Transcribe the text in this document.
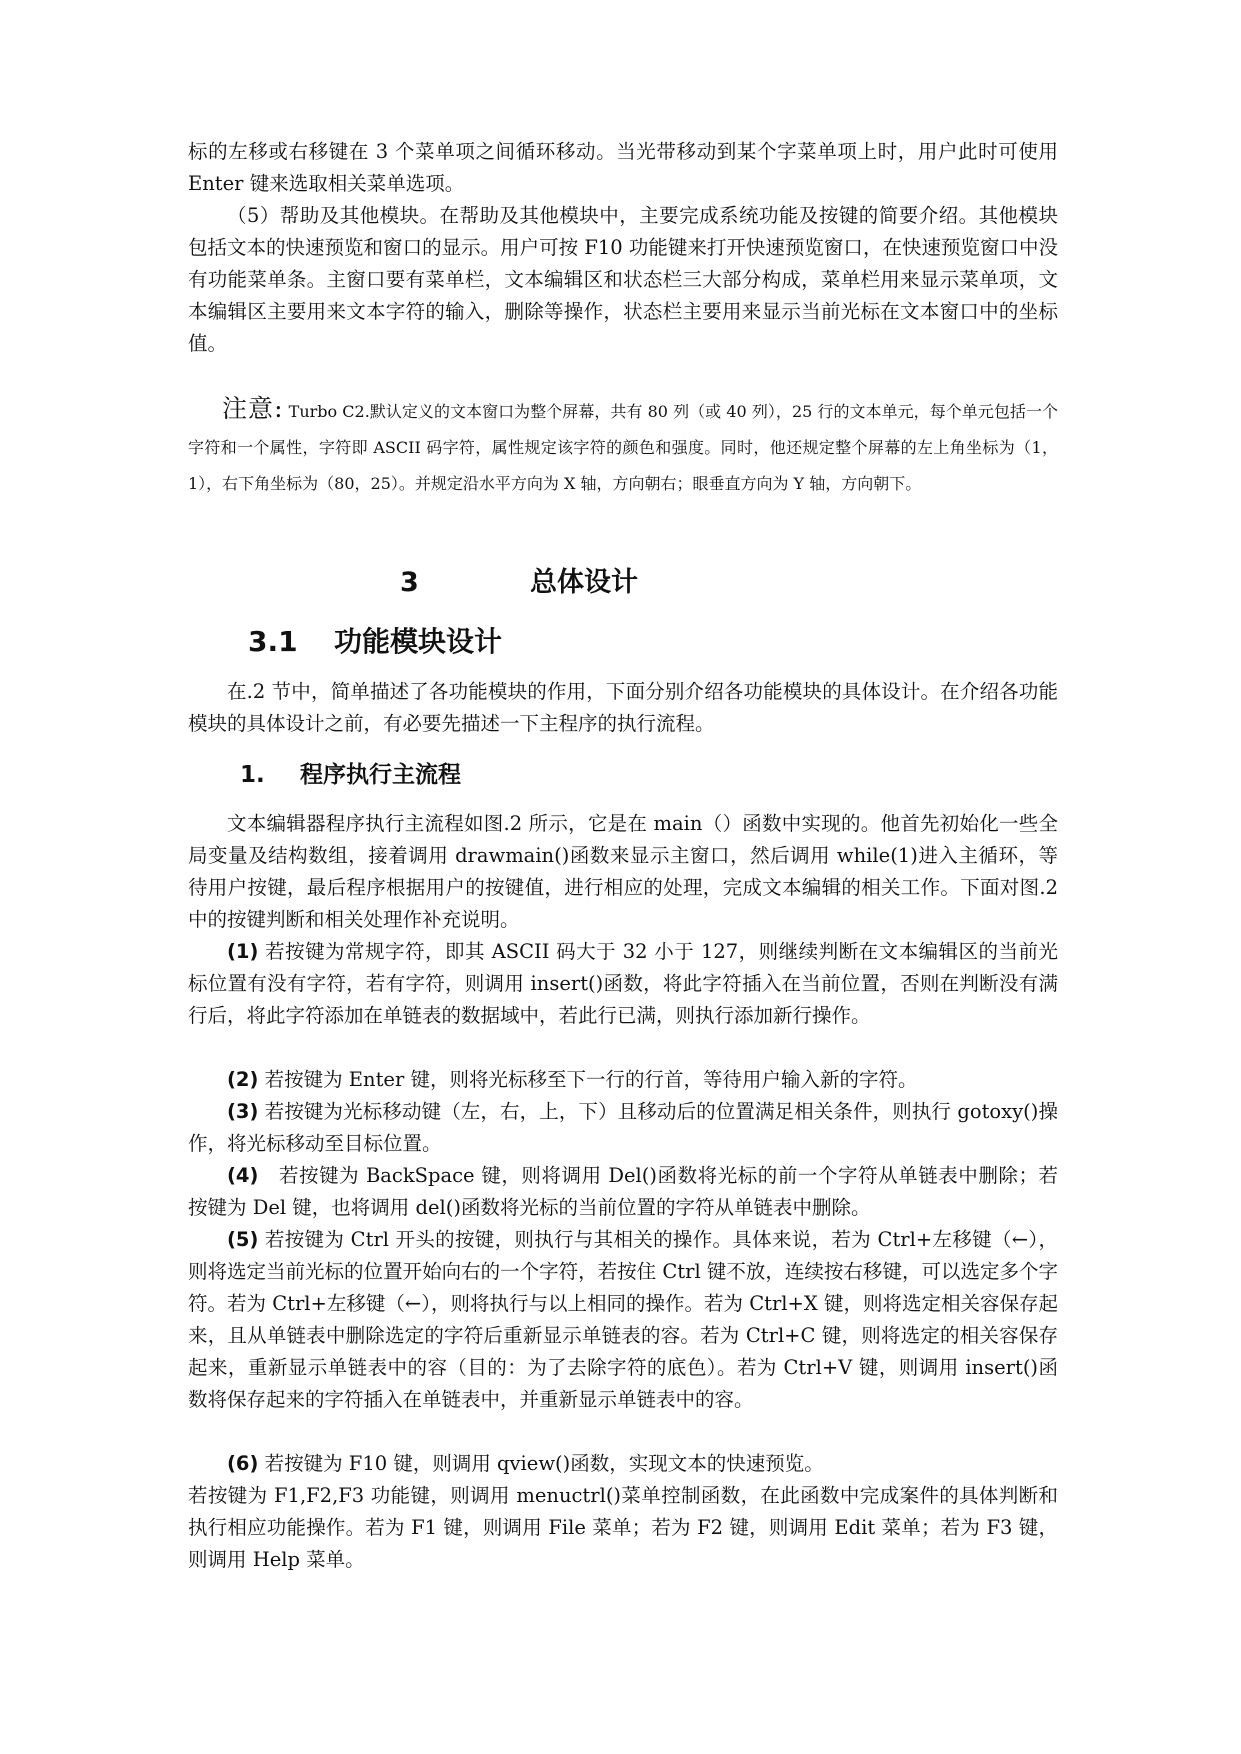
标的左移或右移键在 3 个菜单项之间循环移动。当光带移动到某个字菜单项上时，用户此时可使用 Enter 键来选取相关菜单选项。

（5）帮助及其他模块。在帮助及其他模块中，主要完成系统功能及按键的简要介绍。其他模块包括文本的快速预览和窗口的显示。用户可按 F10 功能键来打开快速预览窗口，在快速预览窗口中没有功能菜单条。主窗口要有菜单栏，文本编辑区和状态栏三大部分构成，菜单栏用来显示菜单项，文本编辑区主要用来文本字符的输入，删除等操作，状态栏主要用来显示当前光标在文本窗口中的坐标值。

注意: Turbo C2.默认定义的文本窗口为整个屏幕，共有 80 列（或 40 列），25 行的文本单元，每个单元包括一个字符和一个属性，字符即 ASCII 码字符，属性规定该字符的颜色和强度。同时，他还规定整个屏幕的左上角坐标为（1，1），右下角坐标为（80，25）。并规定沿水平方向为 X 轴，方向朝右；眼垂直方向为 Y 轴，方向朝下。

3	总体设计
3.1 功能模块设计

在.2 节中，简单描述了各功能模块的作用，下面分别介绍各功能模块的具体设计。在介绍各功能模块的具体设计之前，有必要先描述一下主程序的执行流程。

1. 程序执行主流程

文本编辑器程序执行主流程如图.2 所示，它是在 main（）函数中实现的。他首先初始化一些全局变量及结构数组，接着调用 drawmain()函数来显示主窗口，然后调用 while(1)进入主循环，等待用户按键，最后程序根据用户的按键值，进行相应的处理，完成文本编辑的相关工作。下面对图.2 中的按键判断和相关处理作补充说明。

(1) 若按键为常规字符，即其 ASCII 码大于 32 小于 127，则继续判断在文本编辑区的当前光标位置有没有字符，若有字符，则调用 insert()函数，将此字符插入在当前位置，否则在判断没有满行后，将此字符添加在单链表的数据域中，若此行已满，则执行添加新行操作。

(2) 若按键为 Enter 键，则将光标移至下一行的行首，等待用户输入新的字符。

(3) 若按键为光标移动键（左，右，上，下）且移动后的位置满足相关条件，则执行 gotoxy()操作，将光标移动至目标位置。

(4)　若按键为 BackSpace 键，则将调用 Del()函数将光标的前一个字符从单链表中删除；若按键为 Del 键，也将调用 del()函数将光标的当前位置的字符从单链表中删除。

(5) 若按键为 Ctrl 开头的按键，则执行与其相关的操作。具体来说，若为 Ctrl+左移键（←），则将选定当前光标的位置开始向右的一个字符，若按住 Ctrl 键不放，连续按右移键，可以选定多个字符。若为 Ctrl+左移键（←），则将执行与以上相同的操作。若为 Ctrl+X 键，则将选定相关容保存起来，且从单链表中删除选定的字符后重新显示单链表的容。若为 Ctrl+C 键，则将选定的相关容保存起来，重新显示单链表中的容（目的：为了去除字符的底色）。若为 Ctrl+V 键，则调用 insert()函数将保存起来的字符插入在单链表中，并重新显示单链表中的容。

(6) 若按键为 F10 键，则调用 qview()函数，实现文本的快速预览。

若按键为 F1,F2,F3 功能键，则调用 menuctrl()菜单控制函数，在此函数中完成案件的具体判断和执行相应功能操作。若为 F1 键，则调用 File 菜单；若为 F2 键，则调用 Edit 菜单；若为 F3 键，则调用 Help 菜单。
